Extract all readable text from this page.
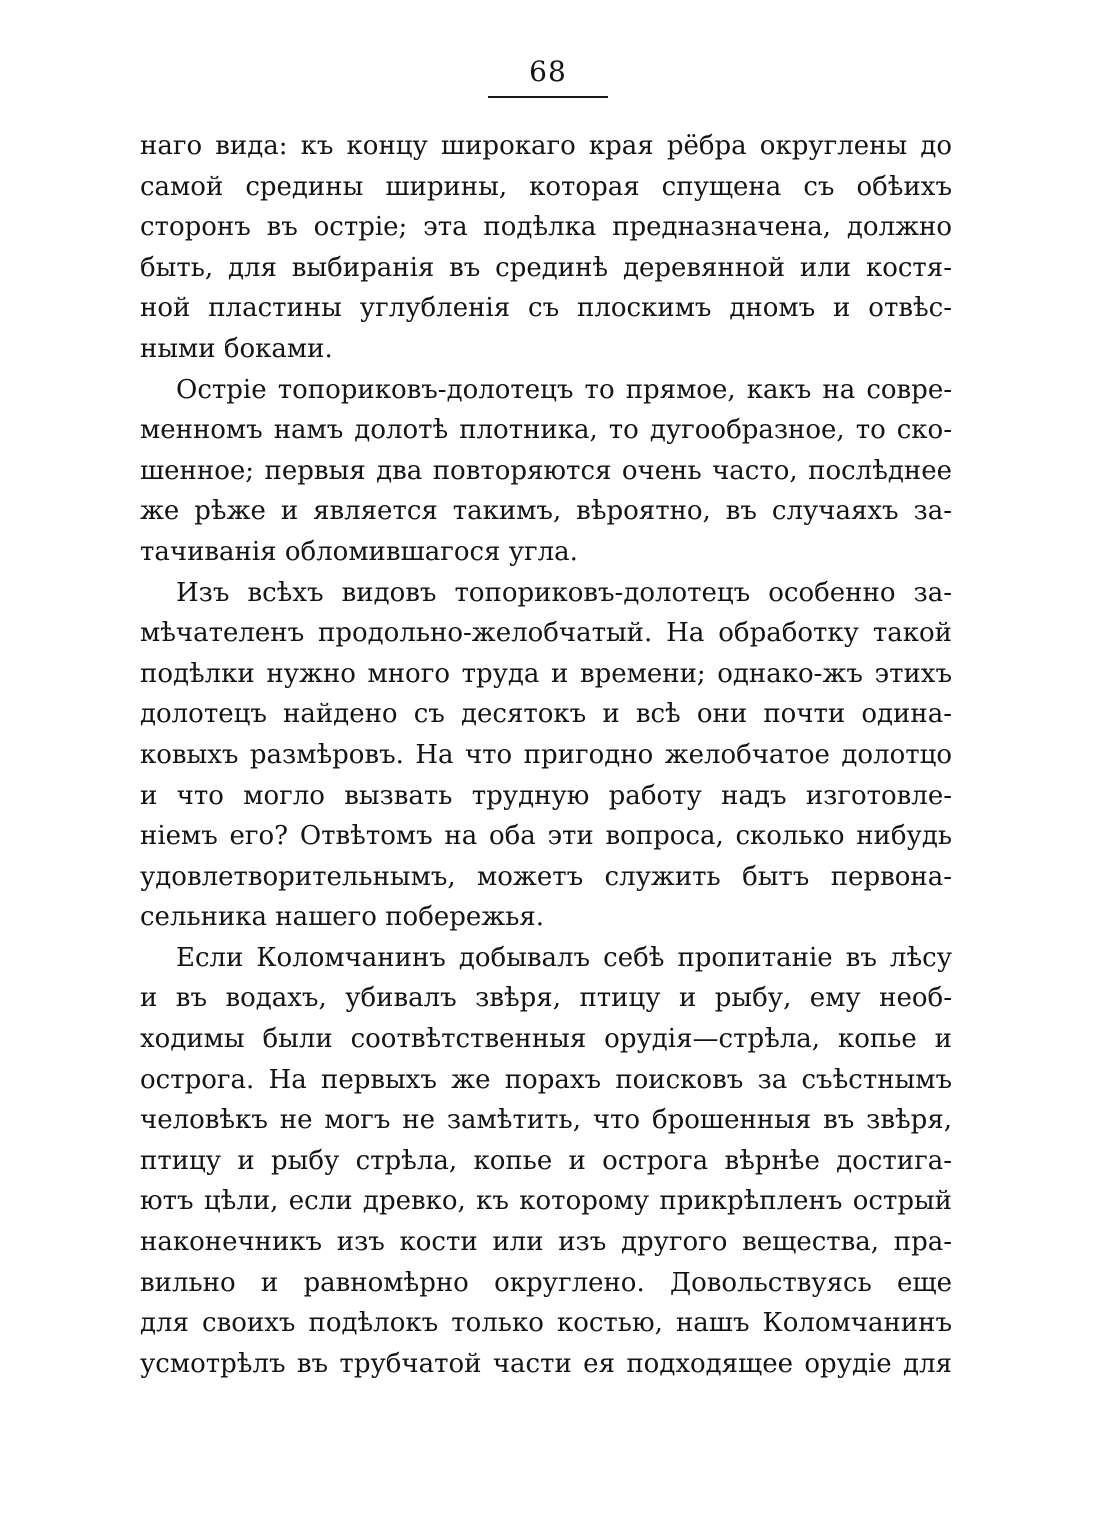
68
наго вида: къ концу широкаго края рёбра округлены до
самой средины ширины, которая спущена съ обѣихъ
сторонъ въ остріе; эта подѣлка предназначена, должно
быть, для выбиранія въ срединѣ деревянной или костя-
ной пластины углубленія съ плоскимъ дномъ и отвѣс-
ными боками.
Остріе топориковъ-долотецъ то прямое, какъ на совре-
менномъ намъ долотѣ плотника, то дугообразное, то ско-
шенное; первыя два повторяются очень часто, послѣднее
же рѣже и является такимъ, вѣроятно, въ случаяхъ за-
тачиванія обломившагося угла.
Изъ всѣхъ видовъ топориковъ-долотецъ особенно за-
мѣчателенъ продольно-желобчатый. На обработку такой
подѣлки нужно много труда и времени; однако-жъ этихъ
долотецъ найдено съ десятокъ и всѣ они почти одина-
ковыхъ размѣровъ. На что пригодно желобчатое долотцо
и что могло вызвать трудную работу надъ изготовле-
ніемъ его? Отвѣтомъ на оба эти вопроса, сколько нибудь
удовлетворительнымъ, можетъ служить бытъ первона-
сельника нашего побережья.
Если Коломчанинъ добывалъ себѣ пропитаніе въ лѣсу
и въ водахъ, убивалъ звѣря, птицу и рыбу, ему необ-
ходимы были соотвѣтственныя орудія—стрѣла, копье и
острога. На первыхъ же порахъ поисковъ за съѣстнымъ
человѣкъ не могъ не замѣтить, что брошенныя въ звѣря,
птицу и рыбу стрѣла, копье и острога вѣрнѣе достига-
ютъ цѣли, если древко, къ которому прикрѣпленъ острый
наконечникъ изъ кости или изъ другого вещества, пра-
вильно и равномѣрно округлено. Довольствуясь еще
для своихъ подѣлокъ только костью, нашъ Коломчанинъ
усмотрѣлъ въ трубчатой части ея подходящее орудіе для
